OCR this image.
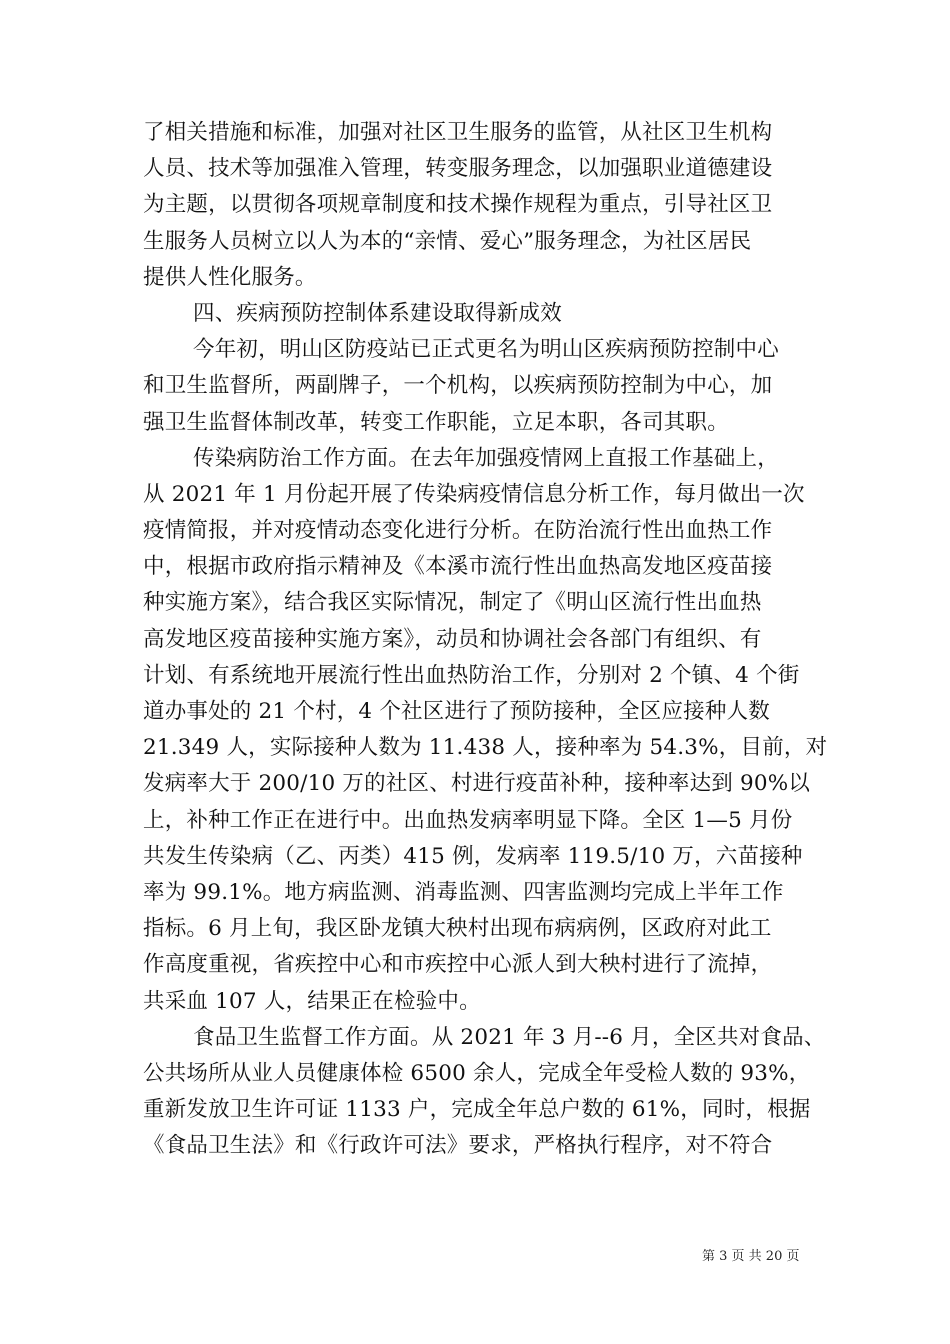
了相关措施和标准，加强对社区卫生服务的监管，从社区卫生机构
人员、技术等加强准入管理，转变服务理念，以加强职业道德建设
为主题，以贯彻各项规章制度和技术操作规程为重点，引导社区卫
生服务人员树立以人为本的“亲情、爱心”服务理念，为社区居民
提供人性化服务。
四、疾病预防控制体系建设取得新成效
今年初，明山区防疫站已正式更名为明山区疾病预防控制中心
和卫生监督所，两副牌子，一个机构，以疾病预防控制为中心，加
强卫生监督体制改革，转变工作职能，立足本职，各司其职。
传染病防治工作方面。在去年加强疫情网上直报工作基础上，
从 2021 年 1 月份起开展了传染病疫情信息分析工作，每月做出一次
疫情简报，并对疫情动态变化进行分析。在防治流行性出血热工作
中，根据市政府指示精神及《本溪市流行性出血热高发地区疫苗接
种实施方案》，结合我区实际情况，制定了《明山区流行性出血热
高发地区疫苗接种实施方案》，动员和协调社会各部门有组织、有
计划、有系统地开展流行性出血热防治工作，分别对 2 个镇、4 个街
道办事处的 21 个村，4 个社区进行了预防接种，全区应接种人数
21.349 人，实际接种人数为 11.438 人，接种率为 54.3%，目前，对
发病率大于 200/10 万的社区、村进行疫苗补种，接种率达到 90%以
上，补种工作正在进行中。出血热发病率明显下降。全区 1—5 月份
共发生传染病（乙、丙类）415 例，发病率 119.5/10 万，六苗接种
率为 99.1%。地方病监测、消毒监测、四害监测均完成上半年工作
指标。6 月上旬，我区卧龙镇大秧村出现布病病例，区政府对此工
作高度重视，省疾控中心和市疾控中心派人到大秧村进行了流掉，
共采血 107 人，结果正在检验中。
食品卫生监督工作方面。从 2021 年 3 月--6 月，全区共对食品、
公共场所从业人员健康体检 6500 余人，完成全年受检人数的 93%，
重新发放卫生许可证 1133 户，完成全年总户数的 61%，同时，根据
《食品卫生法》和《行政许可法》要求，严格执行程序，对不符合
第 3 页 共 20 页
